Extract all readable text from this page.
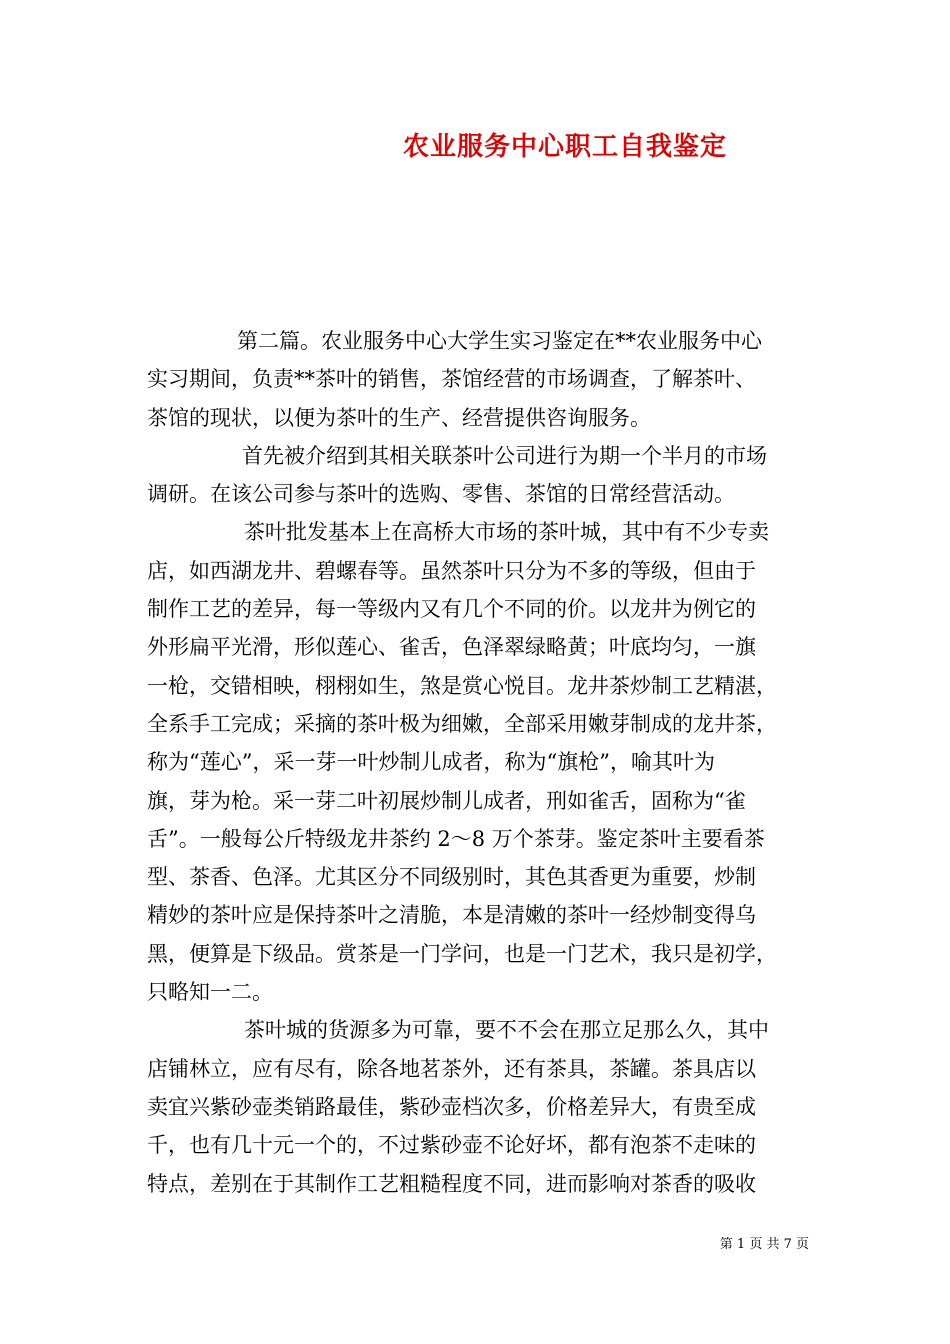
农业服务中心职工自我鉴定
第二篇。农业服务中心大学生实习鉴定在**农业服务中心
实习期间，负责**茶叶的销售，茶馆经营的市场调查，了解茶叶、
茶馆的现状，以便为茶叶的生产、经营提供咨询服务。
首先被介绍到其相关联茶叶公司进行为期一个半月的市场
调研。在该公司参与茶叶的选购、零售、茶馆的日常经营活动。
茶叶批发基本上在高桥大市场的茶叶城，其中有不少专卖
店，如西湖龙井、碧螺春等。虽然茶叶只分为不多的等级，但由于
制作工艺的差异，每一等级内又有几个不同的价。以龙井为例它的
外形扁平光滑，形似莲心、雀舌，色泽翠绿略黄；叶底均匀，一旗
一枪，交错相映，栩栩如生，煞是赏心悦目。龙井茶炒制工艺精湛，
全系手工完成；采摘的茶叶极为细嫩，全部采用嫩芽制成的龙井茶，
称为“莲心”，采一芽一叶炒制儿成者，称为“旗枪”，喻其叶为
旗，芽为枪。采一芽二叶初展炒制儿成者，刑如雀舌，固称为“雀
舌”。一般每公斤特级龙井茶约 2～8 万个茶芽。鉴定茶叶主要看茶
型、茶香、色泽。尤其区分不同级别时，其色其香更为重要，炒制
精妙的茶叶应是保持茶叶之清脆，本是清嫩的茶叶一经炒制变得乌
黑，便算是下级品。赏茶是一门学问，也是一门艺术，我只是初学，
只略知一二。
茶叶城的货源多为可靠，要不不会在那立足那么久，其中
店铺林立，应有尽有，除各地茗茶外，还有茶具，茶罐。茶具店以
卖宜兴紫砂壶类销路最佳，紫砂壶档次多，价格差异大，有贵至成
千，也有几十元一个的，不过紫砂壶不论好坏，都有泡茶不走味的
特点，差别在于其制作工艺粗糙程度不同，进而影响对茶香的吸收
第 1 页 共 7 页
